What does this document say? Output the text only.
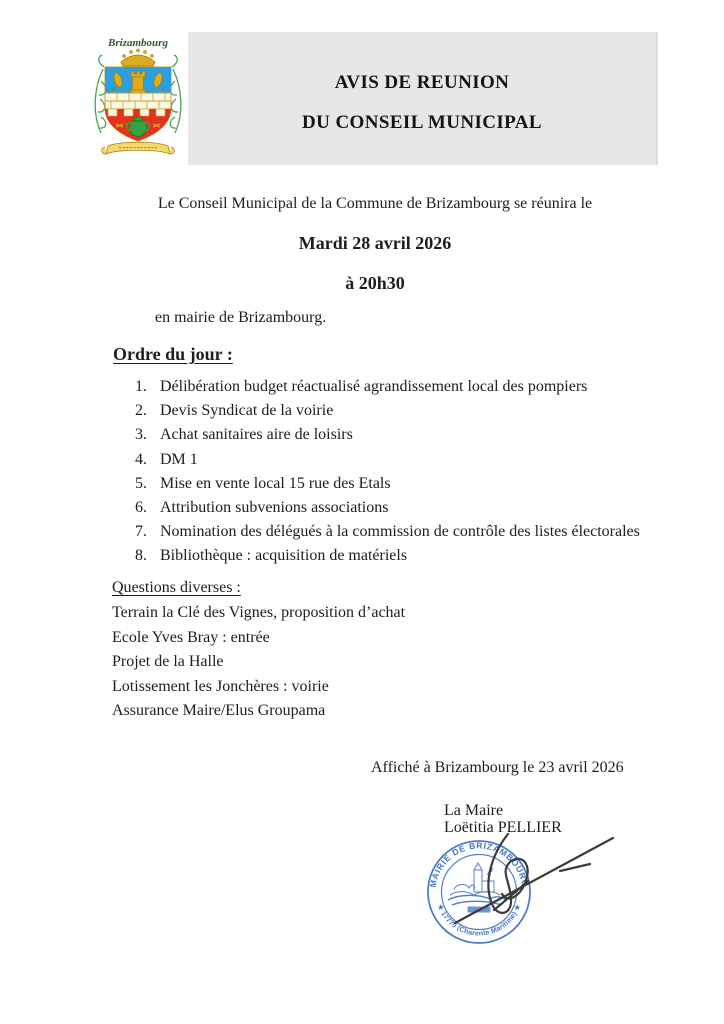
AVIS DE REUNION
DU CONSEIL MUNICIPAL
Brizambourg
Le Conseil Municipal de la Commune de Brizambourg se réunira le
Mardi 28 avril 2026
à 20h30
en mairie de Brizambourg.
Ordre du jour :
1. Délibération budget réactualisé agrandissement local des pompiers
2. Devis Syndicat de la voirie
3. Achat sanitaires aire de loisirs
4. DM 1
5. Mise en vente local 15 rue des Etals
6. Attribution subvenions associations
7. Nomination des délégués à la commission de contrôle des listes électorales
8. Bibliothèque : acquisition de matériels
Questions diverses :
Terrain la Clé des Vignes, proposition d’achat
Ecole Yves Bray : entrée
Projet de la Halle
Lotissement les Jonchères : voirie
Assurance Maire/Elus Groupama
Affiché à Brizambourg le 23 avril 2026
La Maire
Loëtitia PELLIER
MAIRIE DE BRIZAMBOURG
★ 17770 (Charente Maritime) ★
